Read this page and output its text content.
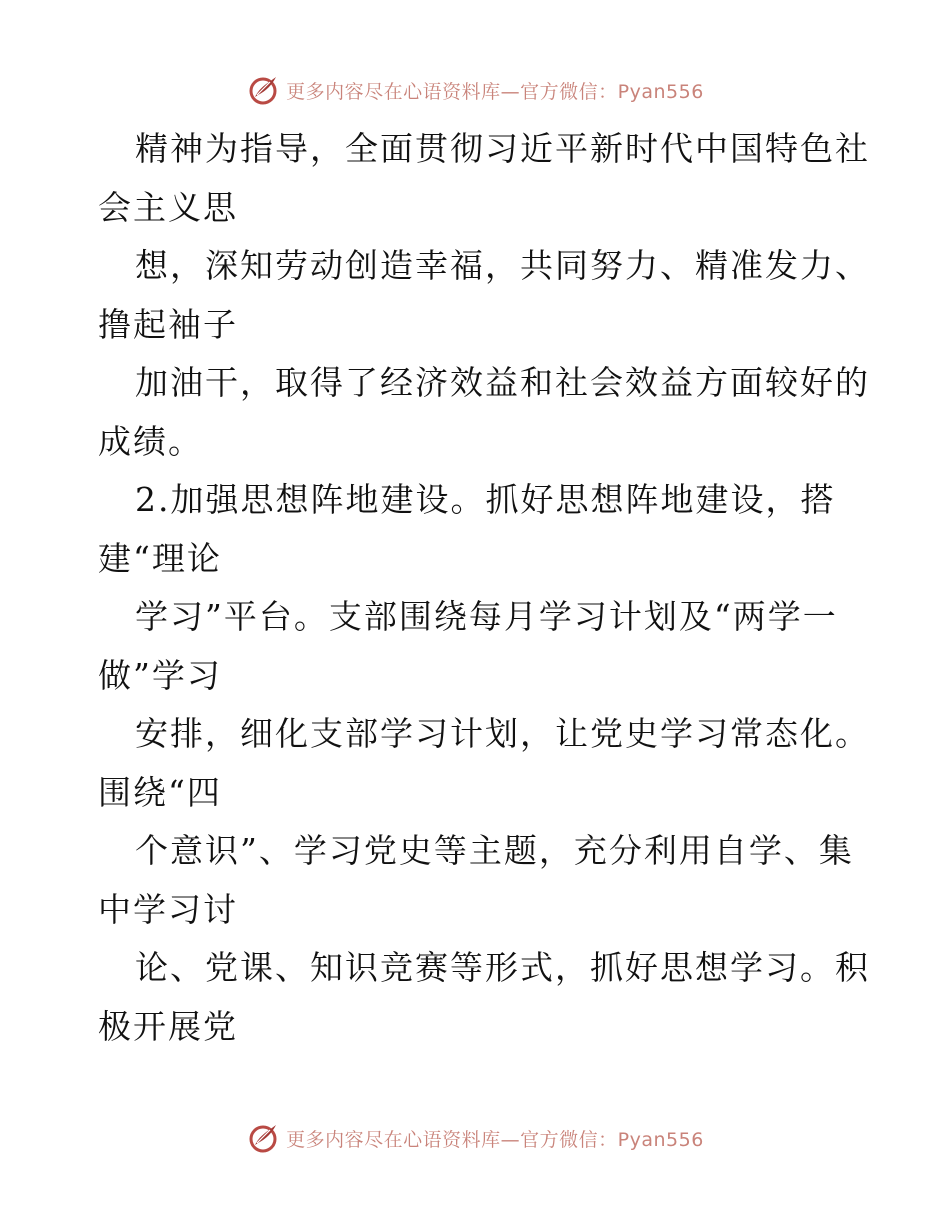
更多内容尽在心语资料库—官方微信：Pyan556
精神为指导，全面贯彻习近平新时代中国特色社
会主义思
想，深知劳动创造幸福，共同努力、精准发力、
撸起袖子
加油干，取得了经济效益和社会效益方面较好的
成绩。
2.加强思想阵地建设。抓好思想阵地建设，搭
建“理论
学习”平台。支部围绕每月学习计划及“两学一
做”学习
安排，细化支部学习计划，让党史学习常态化。
围绕“四
个意识”、学习党史等主题，充分利用自学、集
中学习讨
论、党课、知识竞赛等形式，抓好思想学习。积
极开展党
更多内容尽在心语资料库—官方微信：Pyan556
